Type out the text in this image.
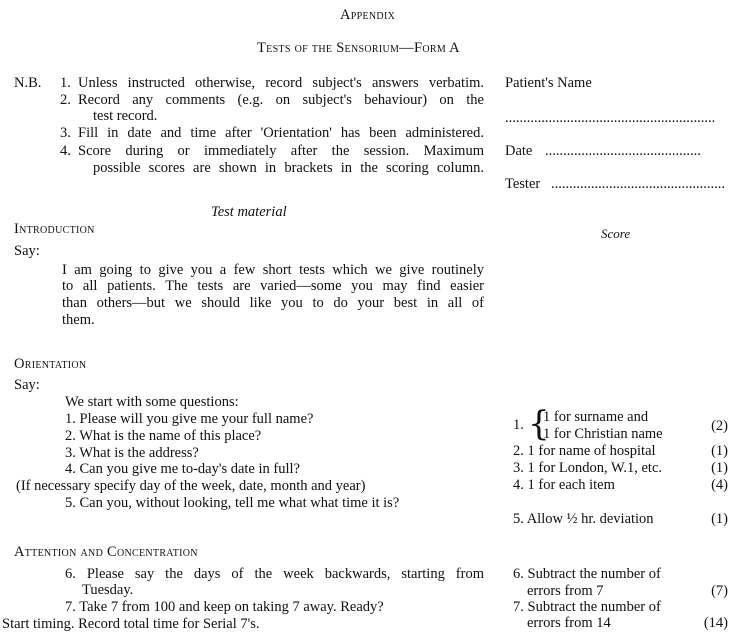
Appendix
Tests of the Sensorium—Form A
N.B. 1. Unless instructed otherwise, record subject's answers verbatim.
2. Record any comments (e.g. on subject's behaviour) on the
test record.
3. Fill in date and time after 'Orientation' has been administered.
4. Score during or immediately after the session. Maximum
possible scores are shown in brackets in the scoring column.
Patient's Name
..........................................................
Date ...........................................
Tester ................................................
Test material
Score
Introduction
Say:
I am going to give you a few short tests which we give routinely
to all patients. The tests are varied—some you may find easier
than others—but we should like you to do your best in all of
them.
Orientation
Say:
We start with some questions:
1. Please will you give me your full name?
2. What is the name of this place?
3. What is the address?
4. Can you give me to-day's date in full?
(If necessary specify day of the week, date, month and year)
5. Can you, without looking, tell me what what time it is?
1. {
1 for surname and
1 for Christian name	(2)
2. 1 for name of hospital	(1)
3. 1 for London, W.1, etc.	(1)
4. 1 for each item	(4)
5. Allow ½ hr. deviation	(1)
Attention and Concentration
6. Please say the days of the week backwards, starting from
Tuesday.
7. Take 7 from 100 and keep on taking 7 away. Ready?
Start timing. Record total time for Serial 7's.
6. Subtract the number of
errors from 7	(7)
7. Subtract the number of
errors from 14	(14)
